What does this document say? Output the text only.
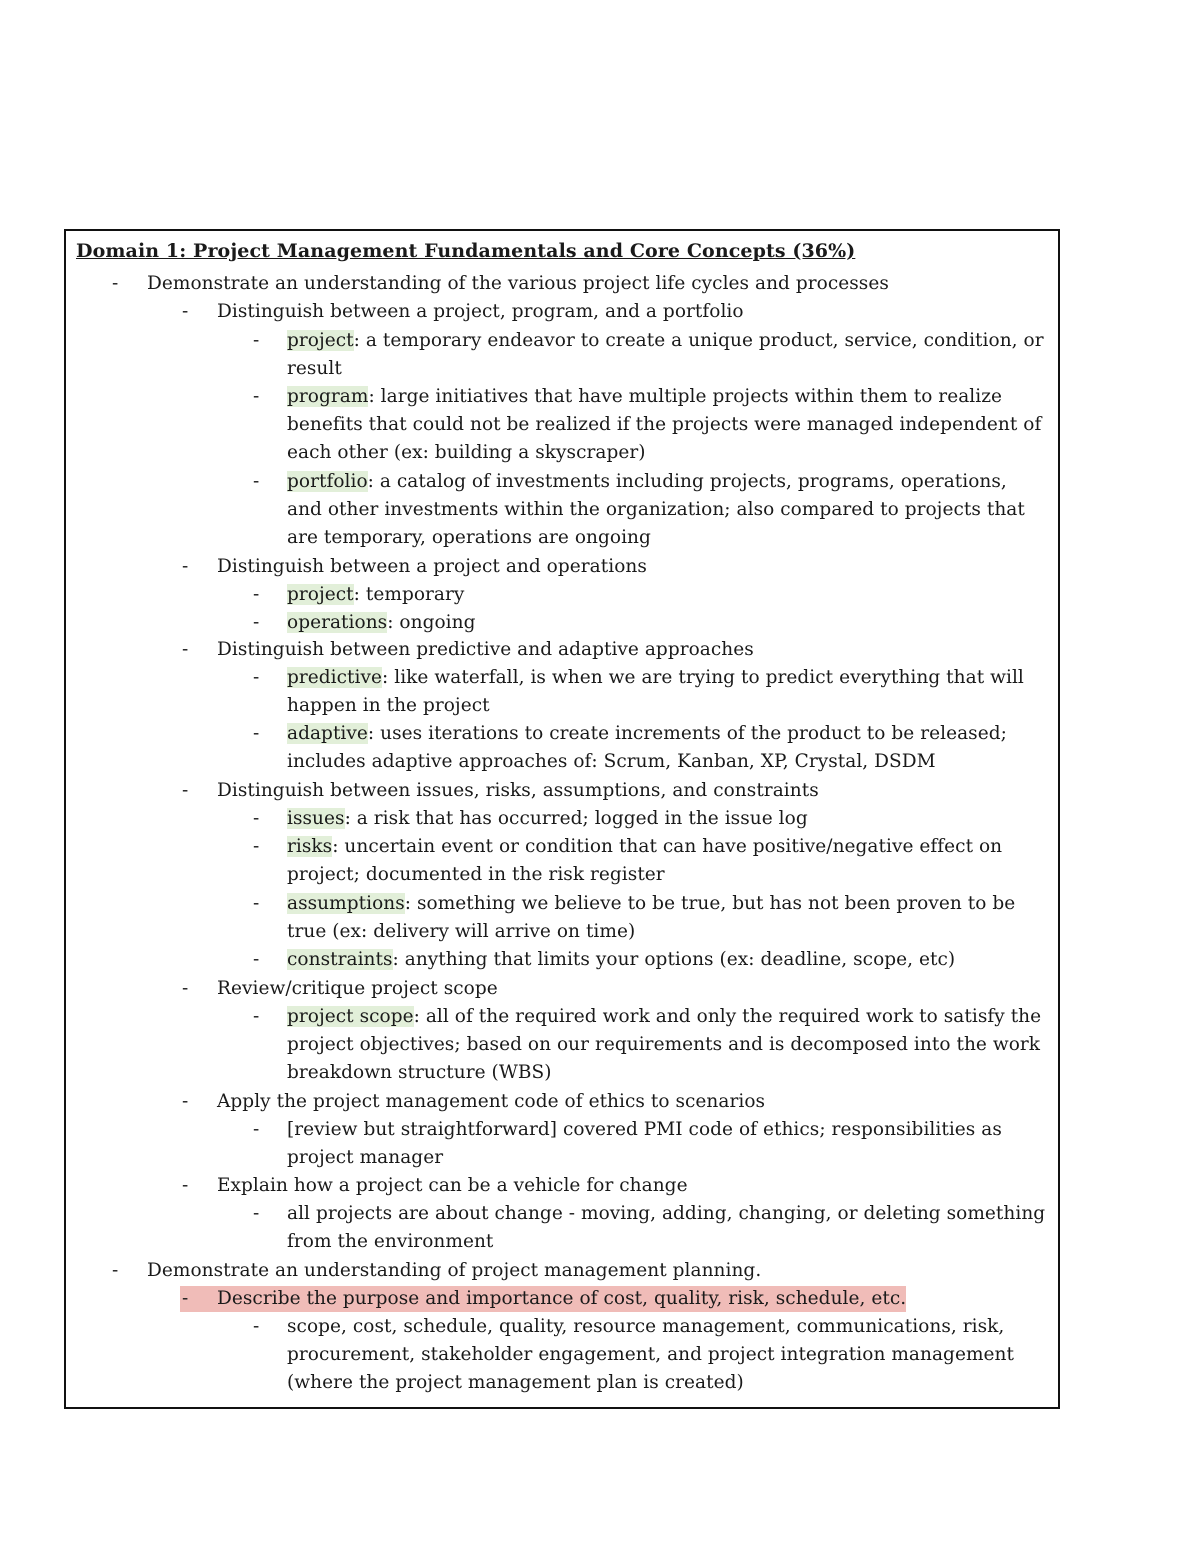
Domain 1: Project Management Fundamentals and Core Concepts (36%)
- Demonstrate an understanding of the various project life cycles and processes
- Distinguish between a project, program, and a portfolio
- project: a temporary endeavor to create a unique product, service, condition, or
result
- program: large initiatives that have multiple projects within them to realize
benefits that could not be realized if the projects were managed independent of
each other (ex: building a skyscraper)
- portfolio: a catalog of investments including projects, programs, operations,
and other investments within the organization; also compared to projects that
are temporary, operations are ongoing
- Distinguish between a project and operations
- project: temporary
- operations: ongoing
- Distinguish between predictive and adaptive approaches
- predictive: like waterfall, is when we are trying to predict everything that will
happen in the project
- adaptive: uses iterations to create increments of the product to be released;
includes adaptive approaches of: Scrum, Kanban, XP, Crystal, DSDM
- Distinguish between issues, risks, assumptions, and constraints
- issues: a risk that has occurred; logged in the issue log
- risks: uncertain event or condition that can have positive/negative effect on
project; documented in the risk register
- assumptions: something we believe to be true, but has not been proven to be
true (ex: delivery will arrive on time)
- constraints: anything that limits your options (ex: deadline, scope, etc)
- Review/critique project scope
- project scope: all of the required work and only the required work to satisfy the
project objectives; based on our requirements and is decomposed into the work
breakdown structure (WBS)
- Apply the project management code of ethics to scenarios
- [review but straightforward] covered PMI code of ethics; responsibilities as
project manager
- Explain how a project can be a vehicle for change
- all projects are about change - moving, adding, changing, or deleting something
from the environment
- Demonstrate an understanding of project management planning.
- Describe the purpose and importance of cost, quality, risk, schedule, etc.
- scope, cost, schedule, quality, resource management, communications, risk,
procurement, stakeholder engagement, and project integration management
(where the project management plan is created)
